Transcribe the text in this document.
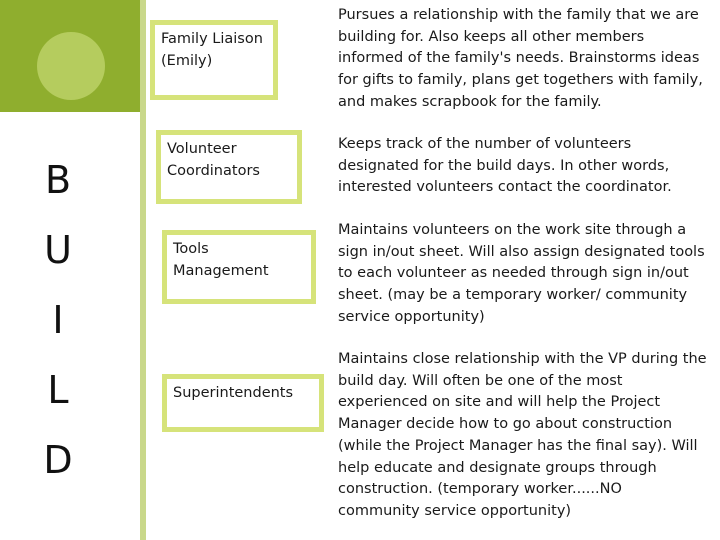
B
U
I
L
D
Family Liaison (Emily)
Volunteer Coordinators
Tools Management
Superintendents
Pursues a relationship with the family that we are building for. Also keeps all other members informed of the family's needs. Brainstorms ideas for gifts to family, plans get togethers with family, and makes scrapbook for the family.
Keeps track of the number of volunteers designated for the build days. In other words, interested volunteers contact the coordinator.
Maintains volunteers on the work site through a sign in/out sheet. Will also assign designated tools to each volunteer as needed through sign in/out sheet. (may be a temporary worker/ community service opportunity)
Maintains close relationship with the VP during the build day. Will often be one of the most experienced on site and will help the Project Manager decide how to go about construction (while the Project Manager has the final say). Will help educate and designate groups through construction. (temporary worker......NO community service opportunity)
